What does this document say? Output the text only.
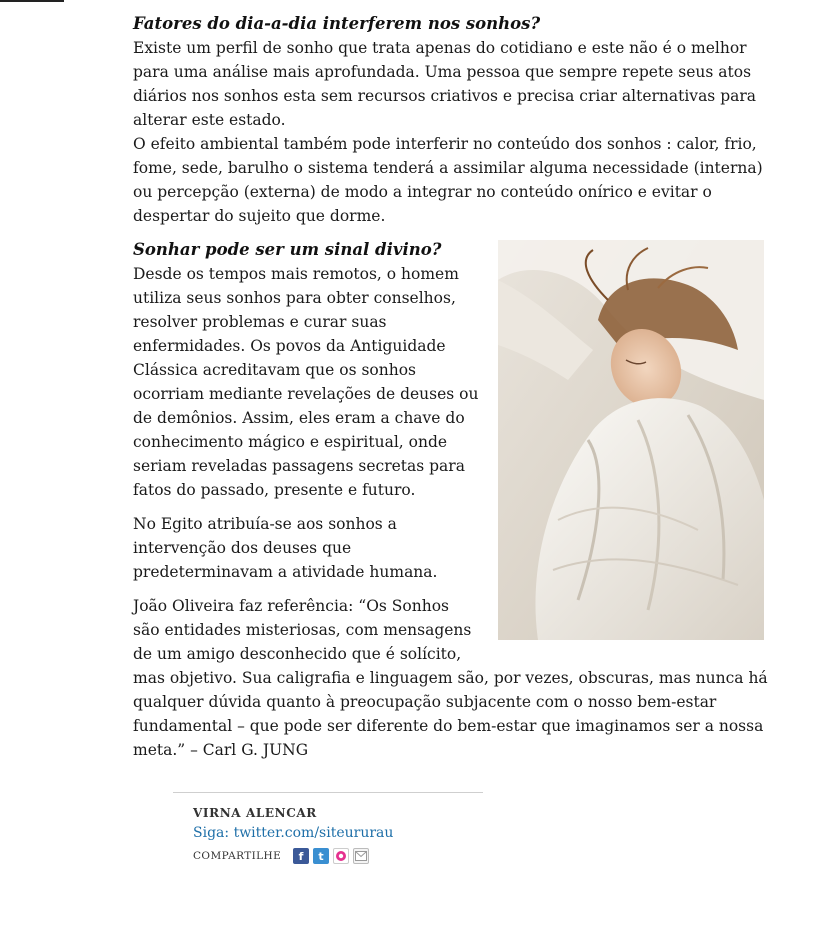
Fatores do dia-a-dia interferem nos sonhos?

Existe um perfil de sonho que trata apenas do cotidiano e este não é o melhor para uma análise mais aprofundada. Uma pessoa que sempre repete seus atos diários nos sonhos esta sem recursos criativos e precisa criar alternativas para alterar este estado.

O efeito ambiental também pode interferir no conteúdo dos sonhos : calor, frio, fome, sede, barulho o sistema tenderá a assimilar alguma necessidade (interna) ou percepção (externa) de modo a integrar no conteúdo onírico e evitar o despertar do sujeito que dorme.

Sonhar pode ser um sinal divino?

Desde os tempos mais remotos, o homem utiliza seus sonhos para obter conselhos, resolver problemas e curar suas enfermidades. Os povos da Antiguidade Clássica acreditavam que os sonhos ocorriam mediante revelações de deuses ou de demônios. Assim, eles eram a chave do conhecimento mágico e espiritual, onde seriam reveladas passagens secretas para fatos do passado, presente e futuro.

No Egito atribuía-se aos sonhos a intervenção dos deuses que predeterminavam a atividade humana.

João Oliveira faz referência: “Os Sonhos são entidades misteriosas, com mensagens de um amigo desconhecido que é solícito, mas objetivo. Sua caligrafia e linguagem são, por vezes, obscuras, mas nunca há qualquer dúvida quanto à preocupação subjacente com o nosso bem-estar fundamental – que pode ser diferente do bem-estar que imaginamos ser a nossa meta.” – Carl G. JUNG

VIRNA ALENCAR
Siga: twitter.com/siteururau
COMPARTILHE	f	t
